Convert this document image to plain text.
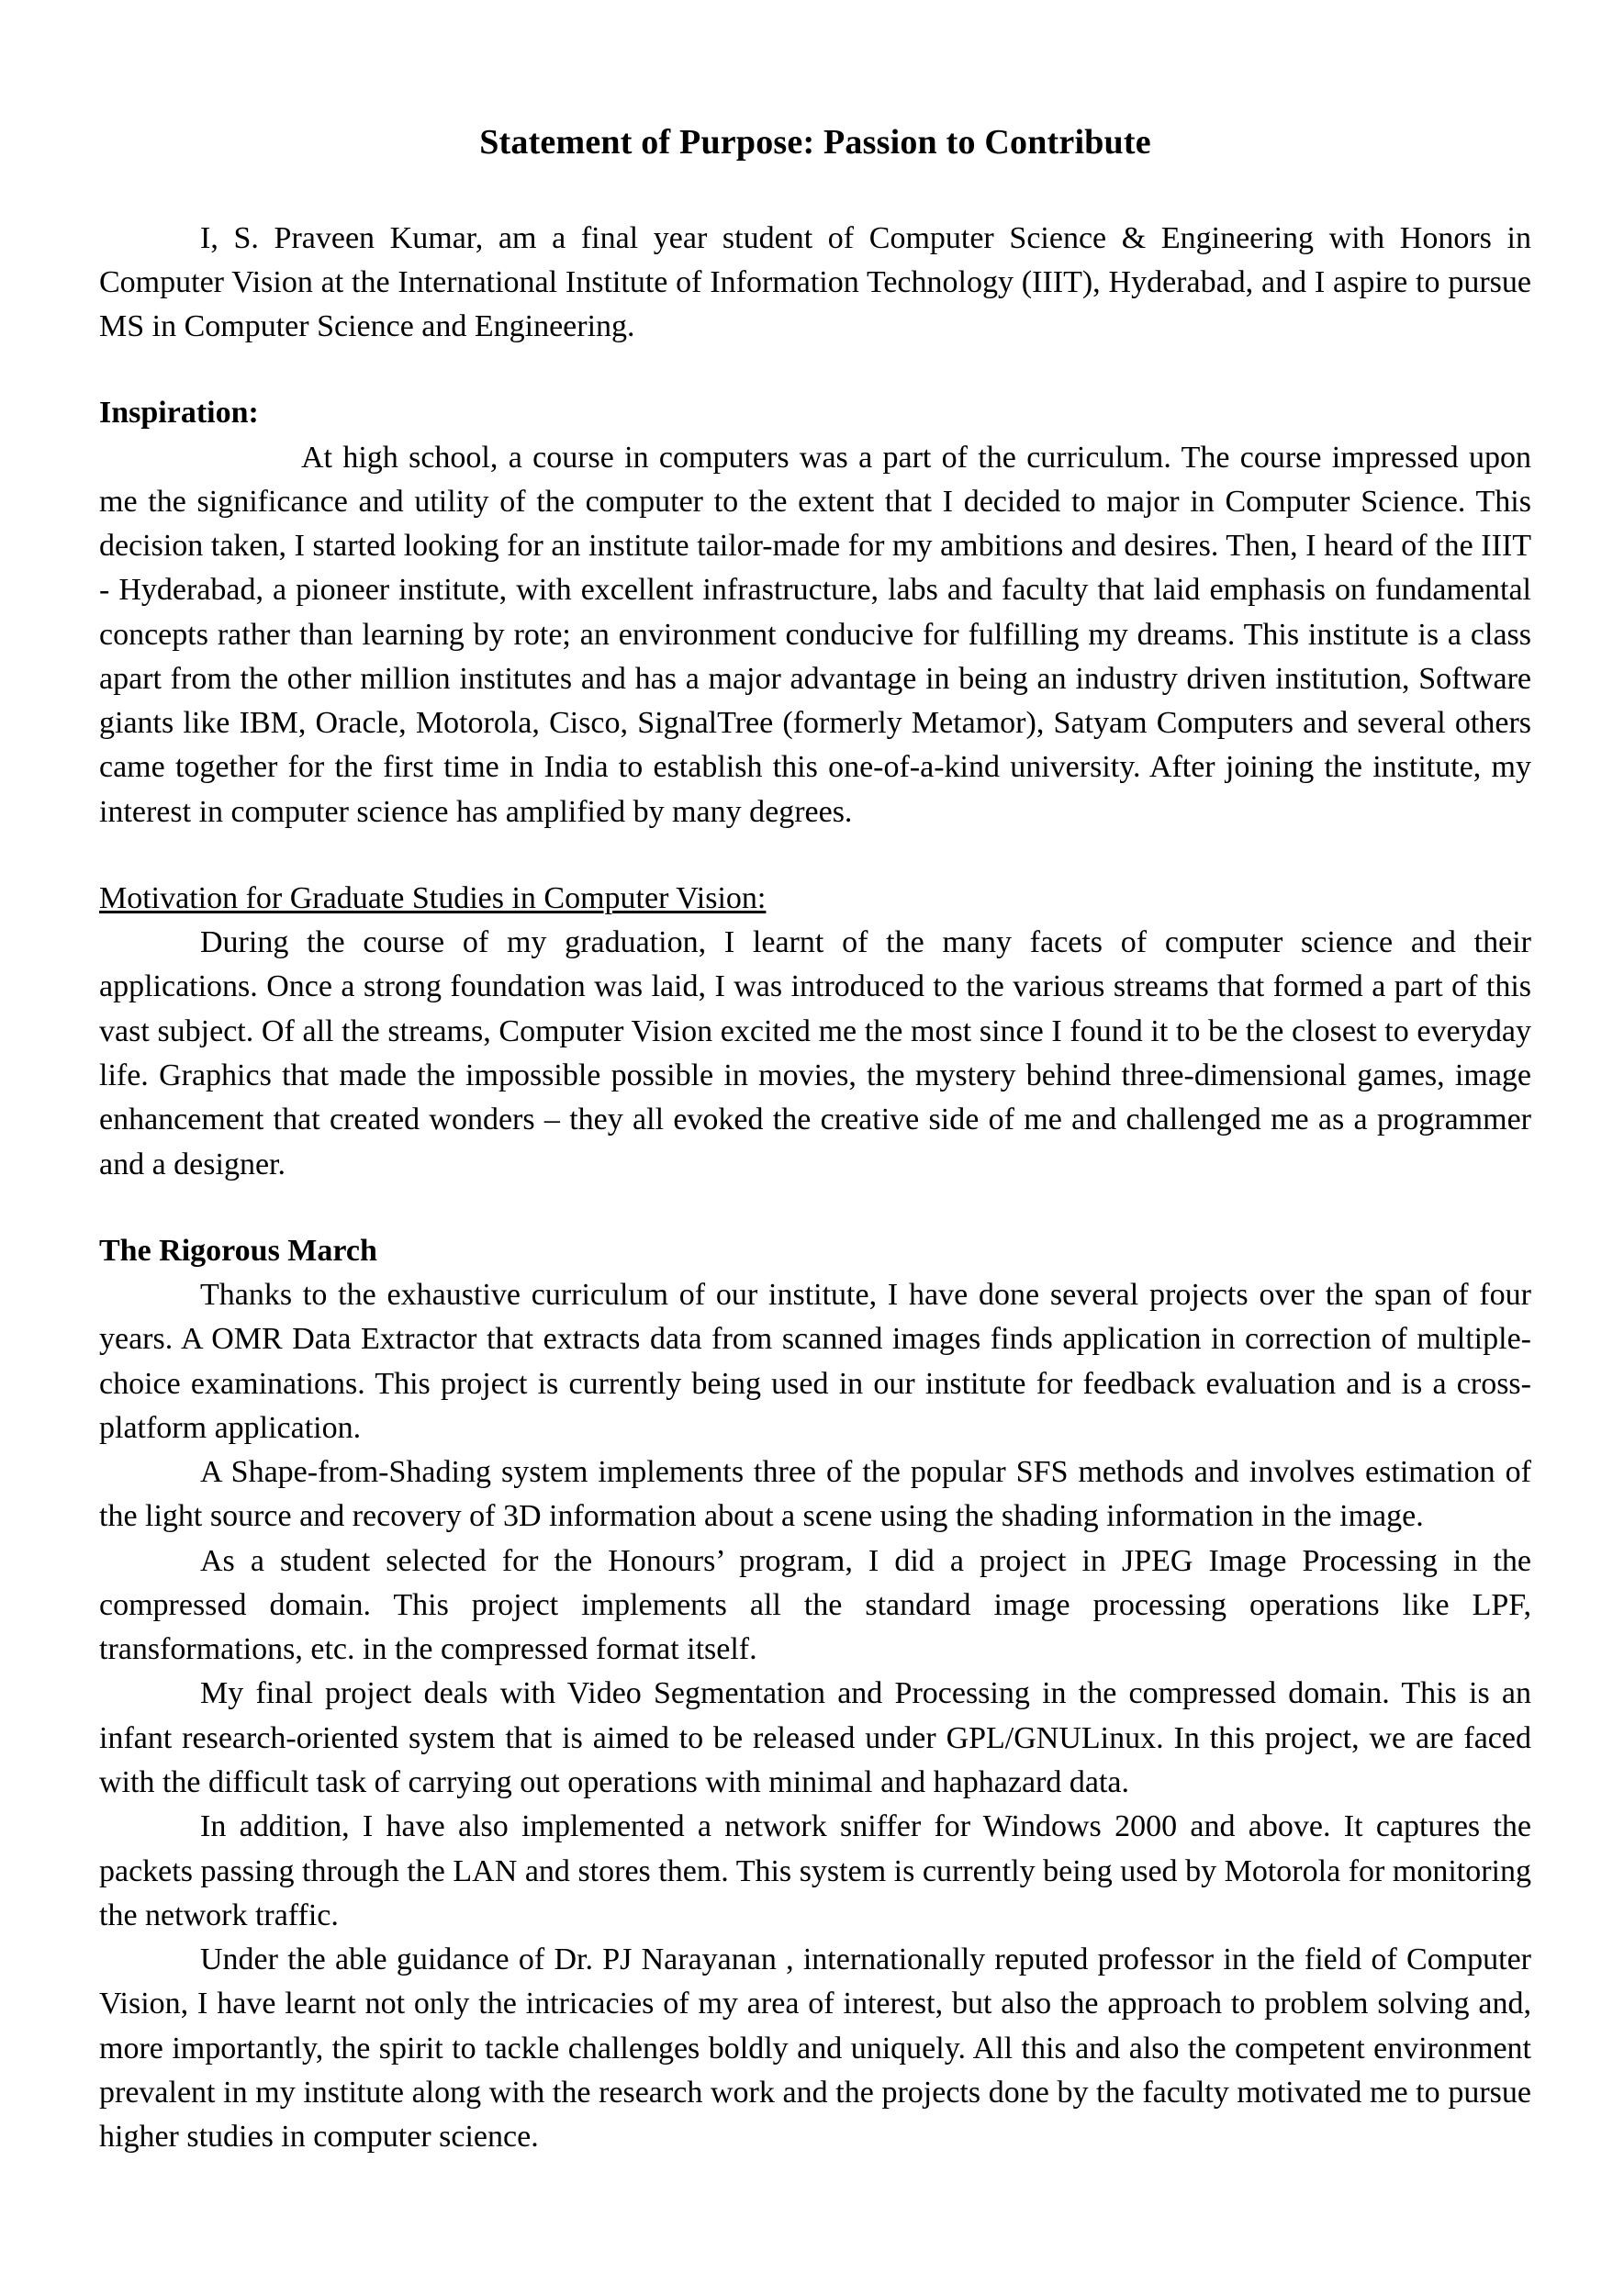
Statement of Purpose: Passion to Contribute

I, S. Praveen Kumar, am a final year student of Computer Science & Engineering with Honors in Computer Vision at the International Institute of Information Technology (IIIT), Hyderabad, and I aspire to pursue MS in Computer Science and Engineering.

Inspiration:

At high school, a course in computers was a part of the curriculum. The course impressed upon me the significance and utility of the computer to the extent that I decided to major in Computer Science. This decision taken, I started looking for an institute tailor-made for my ambitions and desires. Then, I heard of the IIIT - Hyderabad, a pioneer institute, with excellent infrastructure, labs and faculty that laid emphasis on fundamental concepts rather than learning by rote; an environment conducive for fulfilling my dreams. This institute is a class apart from the other million institutes and has a major advantage in being an industry driven institution, Software giants like IBM, Oracle, Motorola, Cisco, SignalTree (formerly Metamor), Satyam Computers and several others came together for the first time in India to establish this one-of-a-kind university. After joining the institute, my interest in computer science has amplified by many degrees.

Motivation for Graduate Studies in Computer Vision:

During the course of my graduation, I learnt of the many facets of computer science and their applications. Once a strong foundation was laid, I was introduced to the various streams that formed a part of this vast subject. Of all the streams, Computer Vision excited me the most since I found it to be the closest to everyday life. Graphics that made the impossible possible in movies, the mystery behind three-dimensional games, image enhancement that created wonders – they all evoked the creative side of me and challenged me as a programmer and a designer.

The Rigorous March

Thanks to the exhaustive curriculum of our institute, I have done several projects over the span of four years. A OMR Data Extractor that extracts data from scanned images finds application in correction of multiple-choice examinations. This project is currently being used in our institute for feedback evaluation and is a cross-platform application.

A Shape-from-Shading system implements three of the popular SFS methods and involves estimation of the light source and recovery of 3D information about a scene using the shading information in the image.

As a student selected for the Honours’ program, I did a project in JPEG Image Processing in the compressed domain. This project implements all the standard image processing operations like LPF, transformations, etc. in the compressed format itself.

My final project deals with Video Segmentation and Processing in the compressed domain. This is an infant research-oriented system that is aimed to be released under GPL/GNULinux. In this project, we are faced with the difficult task of carrying out operations with minimal and haphazard data.

In addition, I have also implemented a network sniffer for Windows 2000 and above. It captures the packets passing through the LAN and stores them. This system is currently being used by Motorola for monitoring the network traffic.

Under the able guidance of Dr. PJ Narayanan , internationally reputed professor in the field of Computer Vision, I have learnt not only the intricacies of my area of interest, but also the approach to problem solving and, more importantly, the spirit to tackle challenges boldly and uniquely. All this and also the competent environment prevalent in my institute along with the research work and the projects done by the faculty motivated me to pursue higher studies in computer science.
